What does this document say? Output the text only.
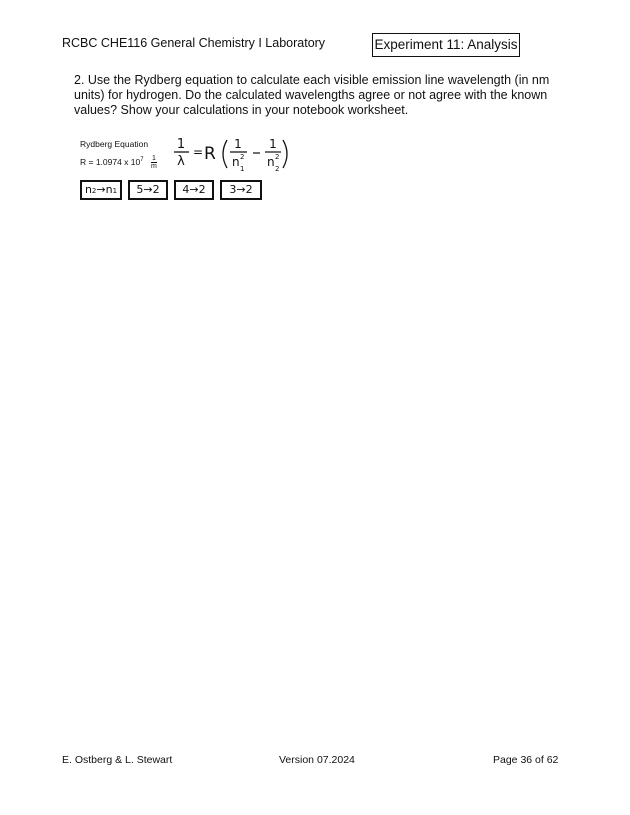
RCBC CHE116 General Chemistry I Laboratory	Experiment 11: Analysis
2. Use the Rydberg equation to calculate each visible emission line wavelength (in nm units) for hydrogen. Do the calculated wavelengths agree or not agree with the known values? Show your calculations in your notebook worksheet.
Rydberg Equation
R = 1.0974 x $10^7 \frac{1}{m}$
1
λ
= R 1
n 2
1
1
n 2
2
n2→n1	5→2	4→2	3→2
E. Ostberg & L. Stewart	Version 07.2024	Page 36 of 62
